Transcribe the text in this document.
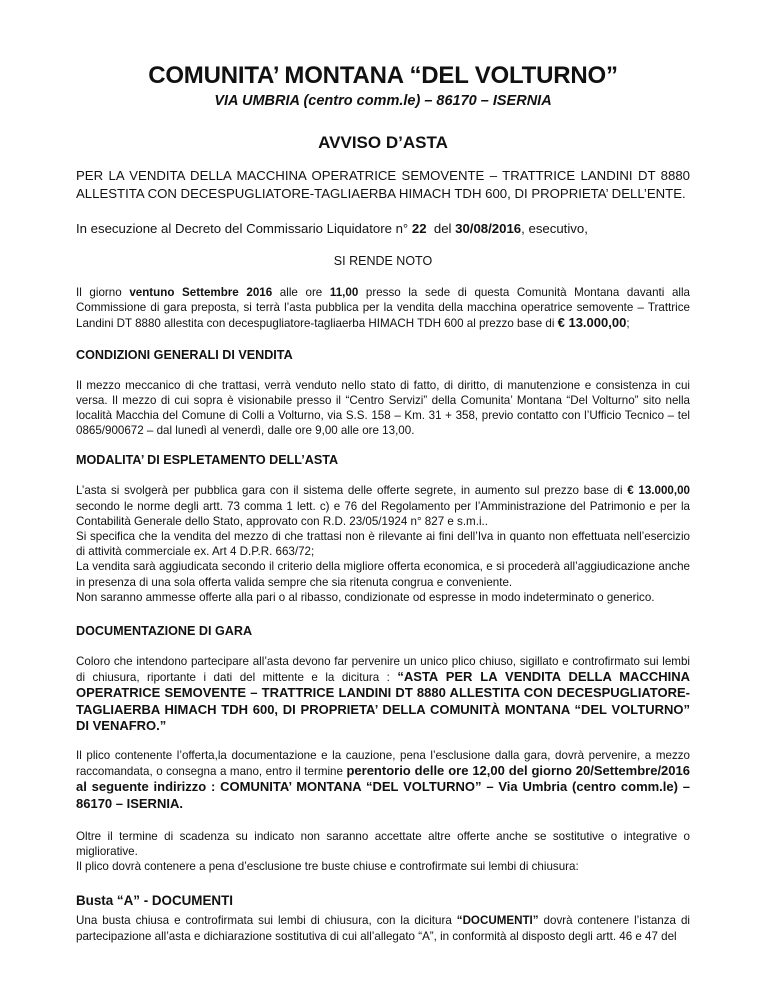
COMUNITA’ MONTANA “DEL VOLTURNO”
VIA UMBRIA (centro comm.le) – 86170 – ISERNIA
AVVISO D’ASTA

PER LA VENDITA DELLA MACCHINA OPERATRICE SEMOVENTE – TRATTRICE LANDINI DT 8880 ALLESTITA CON DECESPUGLIATORE-TAGLIAERBA HIMACH TDH 600, DI PROPRIETA’ DELL’ENTE.

In esecuzione al Decreto del Commissario Liquidatore n° 22  del 30/08/2016, esecutivo,

SI RENDE NOTO

Il giorno ventuno Settembre 2016 alle ore 11,00 presso la sede di questa Comunità Montana davanti alla Commissione di gara preposta, si terrà l’asta pubblica per la vendita della macchina operatrice semovente – Trattrice Landini DT 8880 allestita con decespugliatore-tagliaerba HIMACH TDH 600 al prezzo base di € 13.000,00;

CONDIZIONI GENERALI DI VENDITA

Il mezzo meccanico di che trattasi, verrà venduto nello stato di fatto, di diritto, di manutenzione e consistenza in cui versa. Il mezzo di cui sopra è visionabile presso il “Centro Servizi” della Comunita’ Montana “Del Volturno” sito nella località Macchia del Comune di Colli a Volturno, via S.S. 158 – Km. 31 + 358, previo contatto con l’Ufficio Tecnico – tel 0865/900672 – dal lunedì al venerdì, dalle ore 9,00 alle ore 13,00.

MODALITA’ DI ESPLETAMENTO DELL’ASTA

L’asta si svolgerà per pubblica gara con il sistema delle offerte segrete, in aumento sul prezzo base di € 13.000,00 secondo le norme degli artt. 73 comma 1 lett. c) e 76 del Regolamento per l’Amministrazione del Patrimonio e per la Contabilità Generale dello Stato, approvato con R.D. 23/05/1924 n° 827 e s.m.i..

Si specifica che la vendita del mezzo di che trattasi non è rilevante ai fini dell’Iva in quanto non effettuata nell’esercizio di attività commerciale ex. Art 4 D.P.R. 663/72;

La vendita sarà aggiudicata secondo il criterio della migliore offerta economica, e si procederà all’aggiudicazione anche in presenza di una sola offerta valida sempre che sia ritenuta congrua e conveniente.

Non saranno ammesse offerte alla pari o al ribasso, condizionate od espresse in modo indeterminato o generico.

DOCUMENTAZIONE DI GARA

Coloro che intendono partecipare all’asta devono far pervenire un unico plico chiuso, sigillato e controfirmato sui lembi di chiusura, riportante i dati del mittente e la dicitura : “ASTA PER LA VENDITA DELLA MACCHINA OPERATRICE SEMOVENTE – TRATTRICE LANDINI DT 8880 ALLESTITA CON DECESPUGLIATORE-TAGLIAERBA HIMACH TDH 600, DI PROPRIETA’ DELLA COMUNITÀ MONTANA “DEL VOLTURNO” DI VENAFRO.”

Il plico contenente l’offerta,la documentazione e la cauzione, pena l’esclusione dalla gara, dovrà pervenire, a mezzo raccomandata, o consegna a mano, entro il termine perentorio delle ore 12,00 del giorno 20/Settembre/2016 al seguente indirizzo : COMUNITA’ MONTANA “DEL VOLTURNO” – Via Umbria (centro comm.le) – 86170 – ISERNIA.

Oltre il termine di scadenza su indicato non saranno accettate altre offerte anche se sostitutive o integrative o migliorative.

Il plico dovrà contenere a pena d’esclusione tre buste chiuse e controfirmate sui lembi di chiusura:

Busta “A” - DOCUMENTI

Una busta chiusa e controfirmata sui lembi di chiusura, con la dicitura “DOCUMENTI” dovrà contenere l’istanza di partecipazione all’asta e dichiarazione sostitutiva di cui all’allegato “A”, in conformità al disposto degli artt. 46 e 47 del
